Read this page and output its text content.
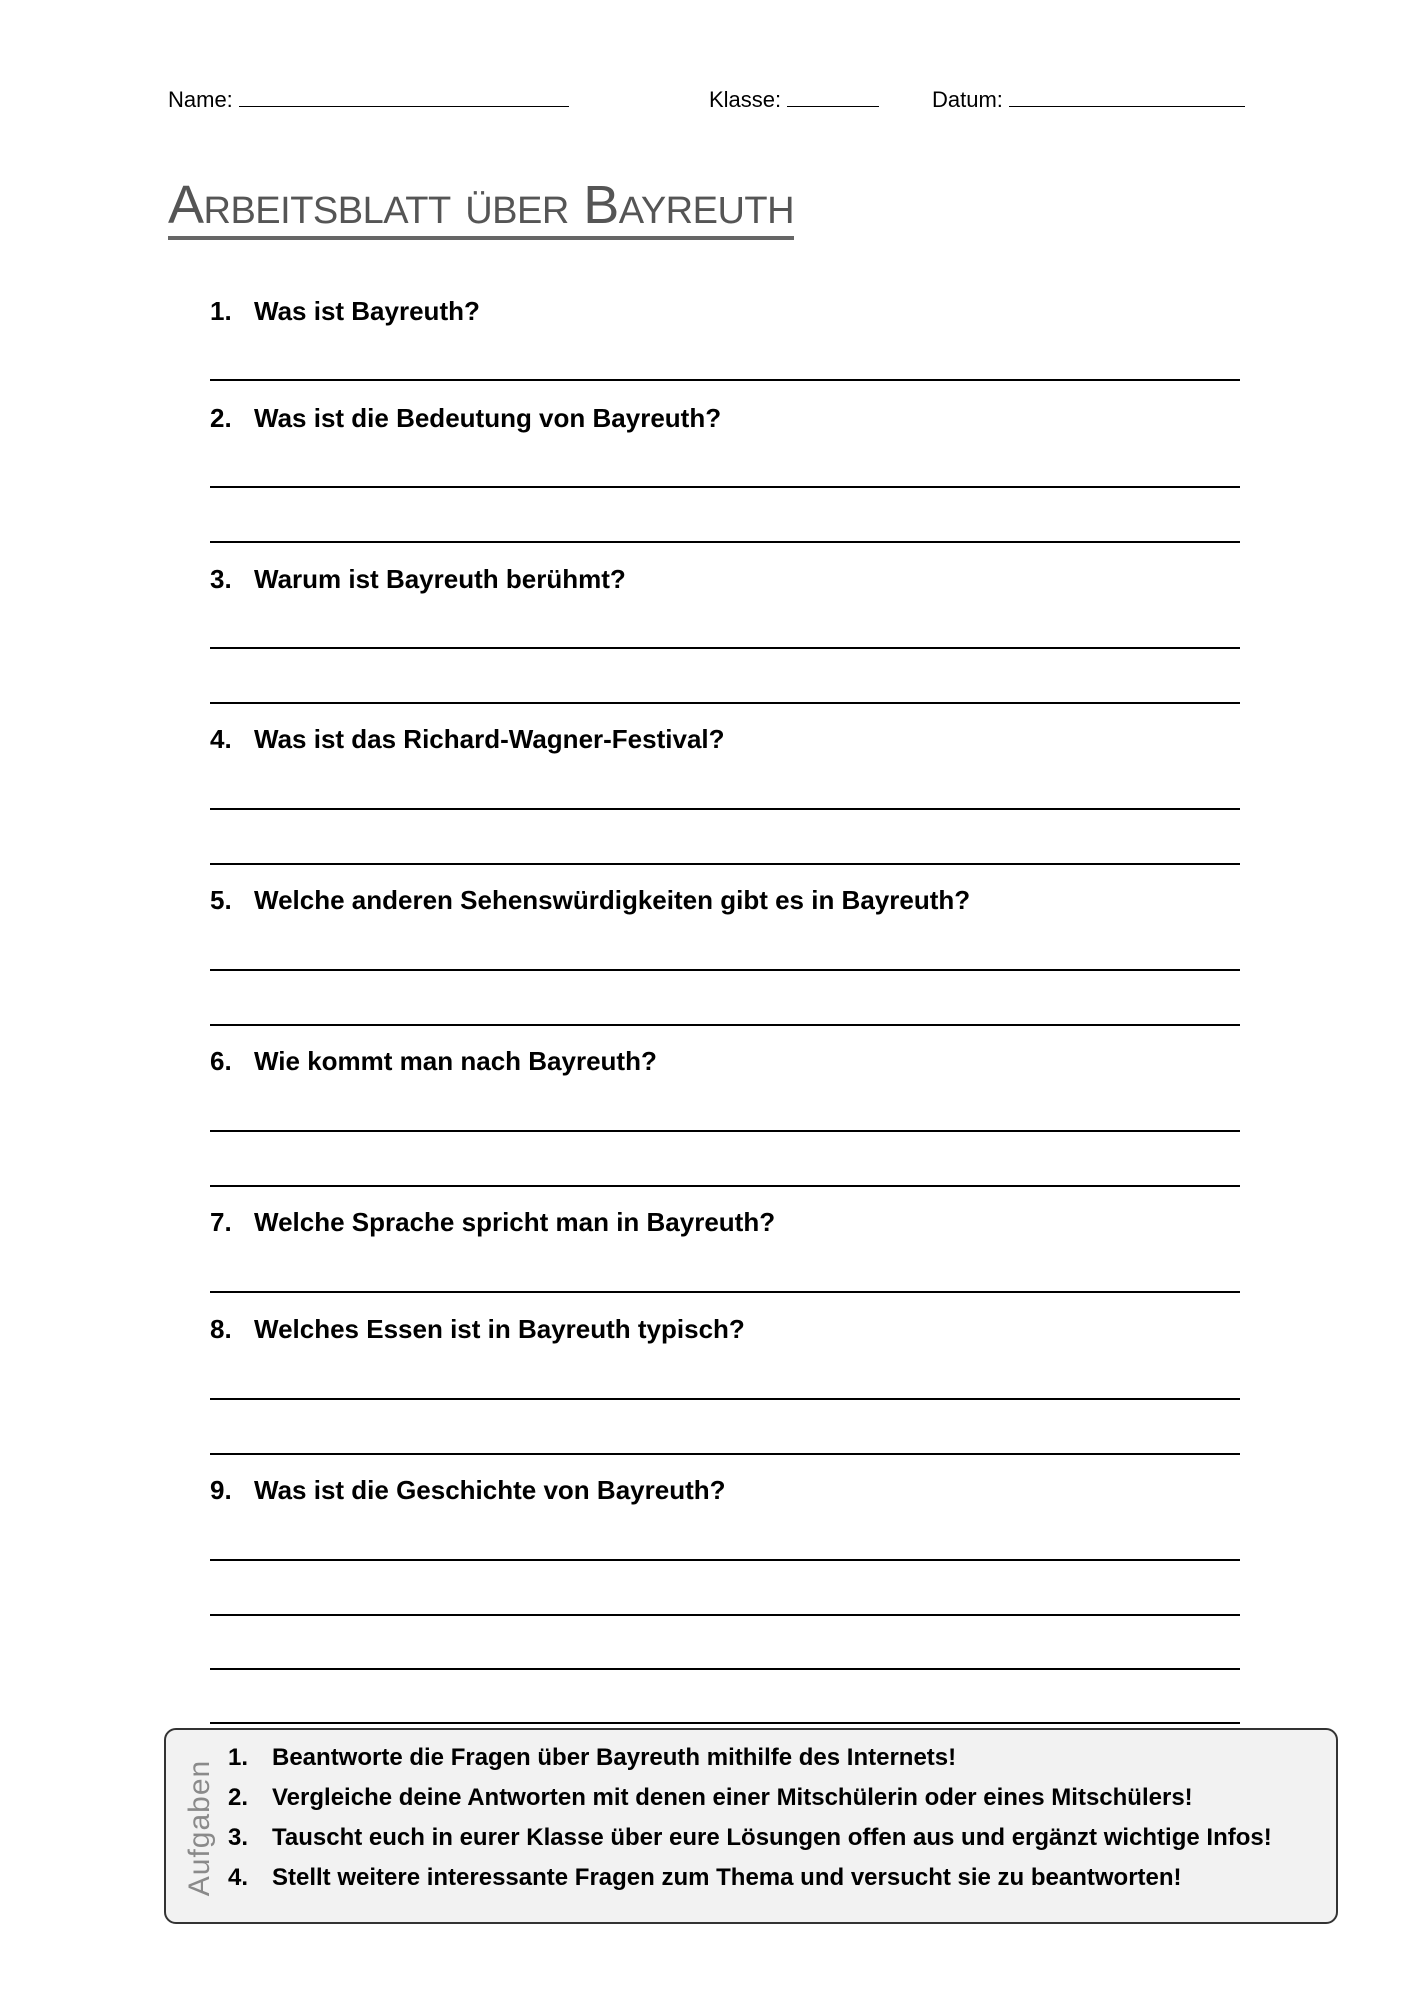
Name:	Klasse:	Datum:
Arbeitsblatt über Bayreuth
1. Was ist Bayreuth?
2. Was ist die Bedeutung von Bayreuth?
3. Warum ist Bayreuth berühmt?
4. Was ist das Richard-Wagner-Festival?
5. Welche anderen Sehenswürdigkeiten gibt es in Bayreuth?
6. Wie kommt man nach Bayreuth?
7. Welche Sprache spricht man in Bayreuth?
8. Welches Essen ist in Bayreuth typisch?
9. Was ist die Geschichte von Bayreuth?
Aufgaben
1. Beantworte die Fragen über Bayreuth mithilfe des Internets!
2. Vergleiche deine Antworten mit denen einer Mitschülerin oder eines Mitschülers!
3. Tauscht euch in eurer Klasse über eure Lösungen offen aus und ergänzt wichtige Infos!
4. Stellt weitere interessante Fragen zum Thema und versucht sie zu beantworten!
